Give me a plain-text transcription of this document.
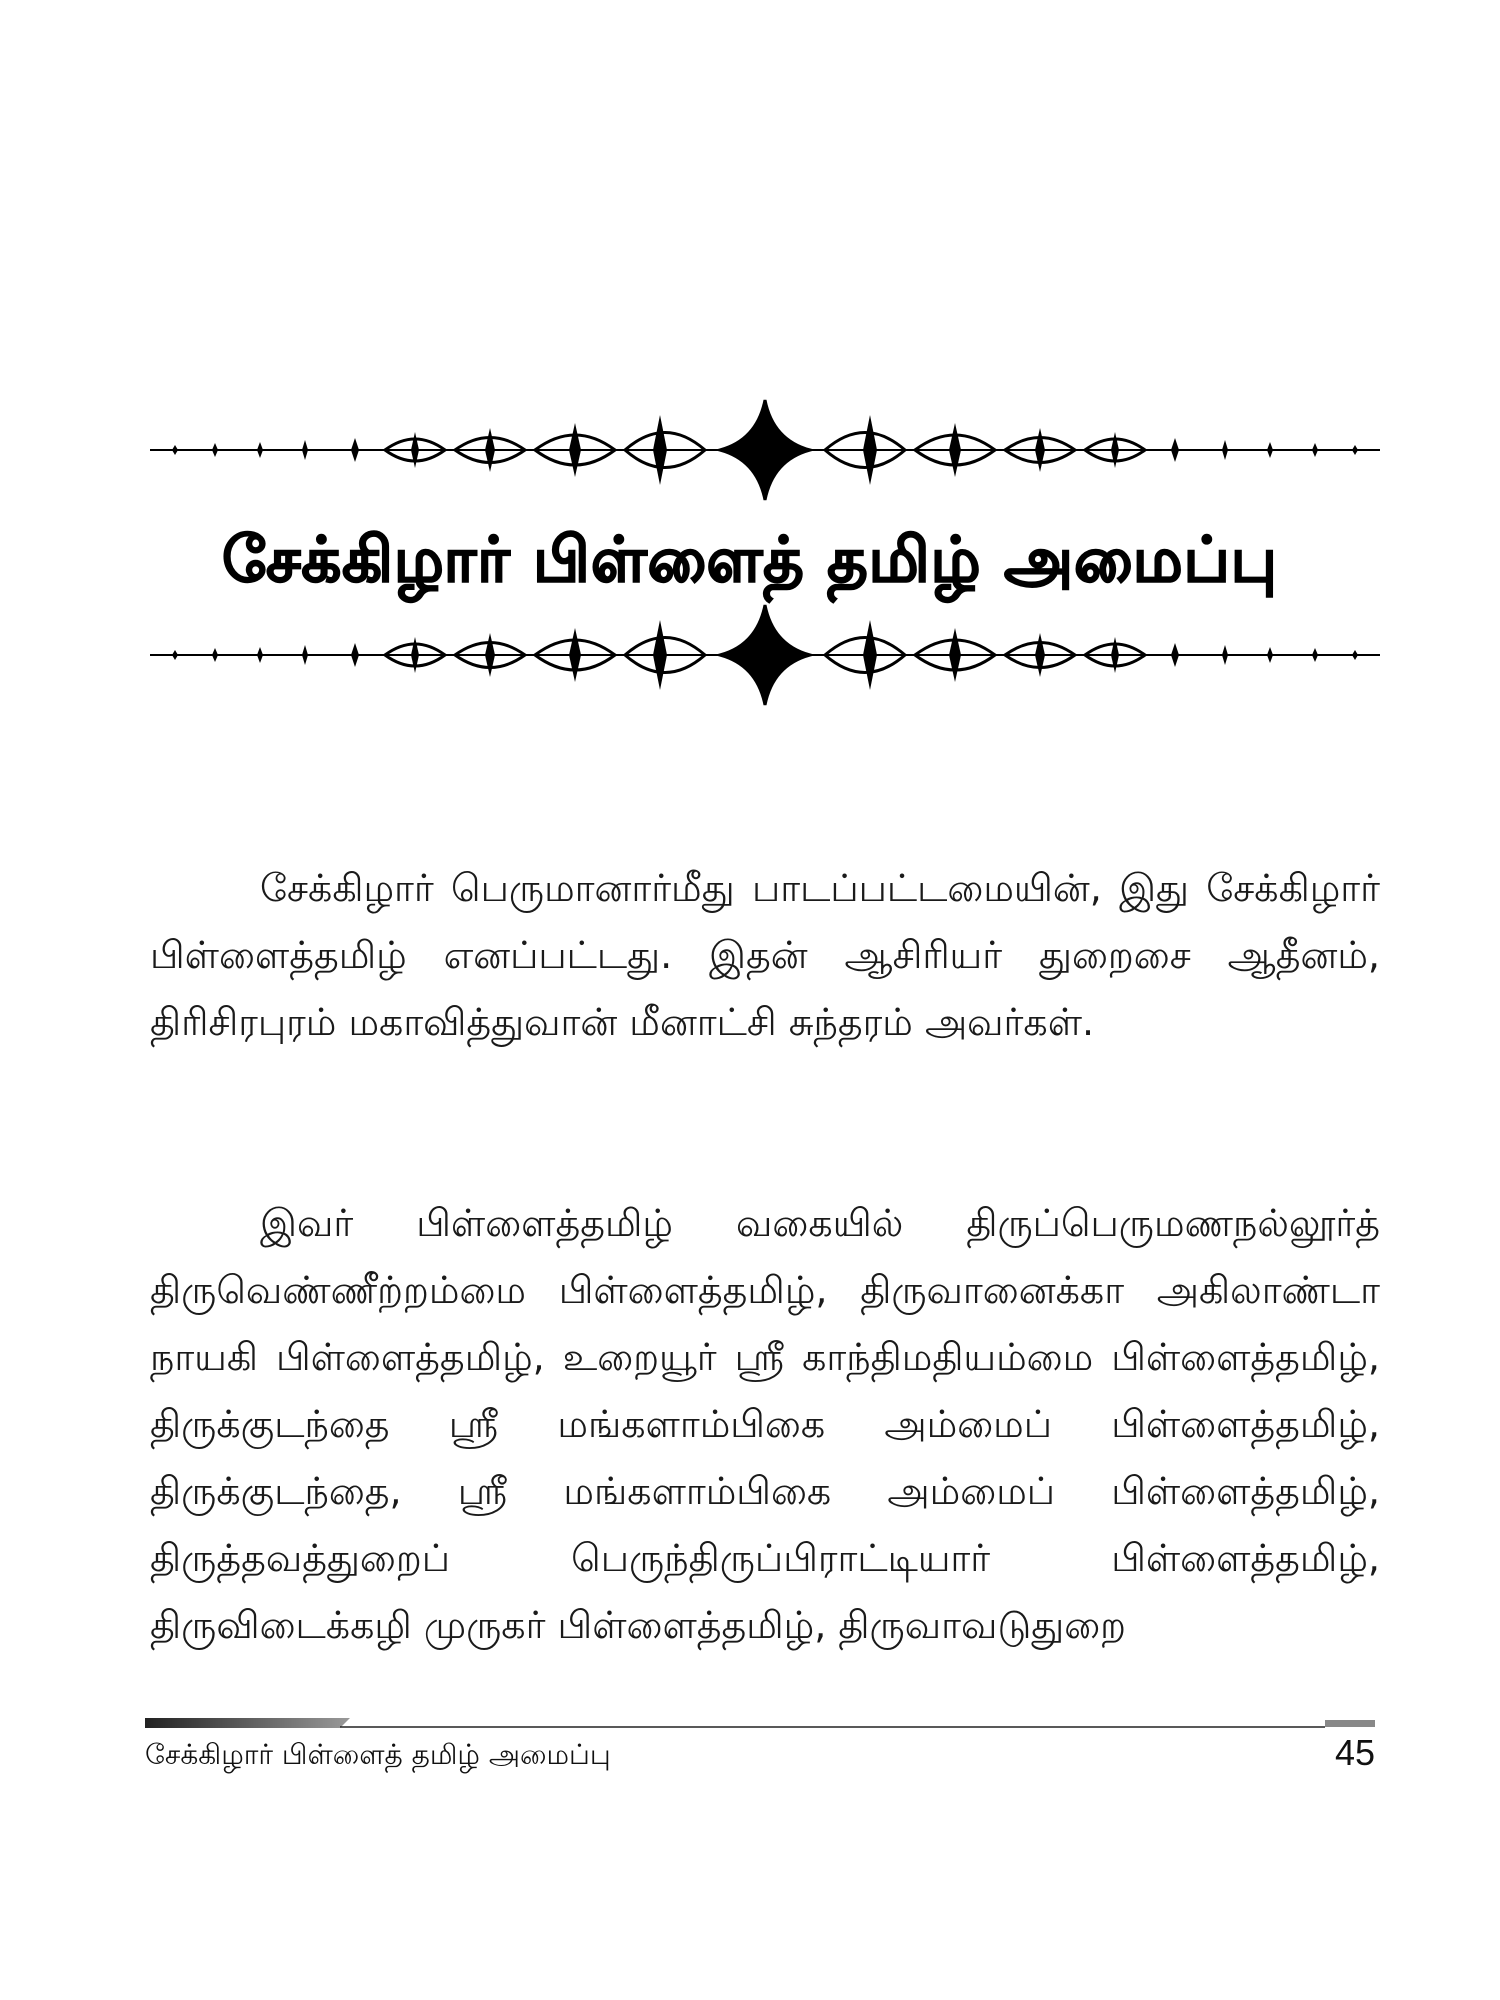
சேக்கிழார் பிள்ளைத் தமிழ் அமைப்பு

சேக்கிழார் பெருமானார்மீது பாடப்பட்டமையின், இது சேக்கிழார் பிள்ளைத்தமிழ் எனப்பட்டது. இதன் ஆசிரியர் துறைசை ஆதீனம், திரிசிரபுரம் மகாவித்துவான் மீனாட்சி சுந்தரம் அவர்கள்.

இவர் பிள்ளைத்தமிழ் வகையில் திருப்பெருமணநல்லூர்த் திருவெண்ணீற்றம்மை பிள்ளைத்தமிழ், திருவானைக்கா அகிலாண்டா நாயகி பிள்ளைத்தமிழ், உறையூர் ஸ்ரீ காந்திமதியம்மை பிள்ளைத்தமிழ், திருக்குடந்தை ஸ்ரீ மங்களாம்பிகை அம்மைப் பிள்ளைத்தமிழ், திருக்குடந்தை, ஸ்ரீ மங்களாம்பிகை அம்மைப் பிள்ளைத்தமிழ், திருத்தவத்துறைப் பெருந்திருப்பிராட்டியார் பிள்ளைத்தமிழ், திருவிடைக்கழி முருகர் பிள்ளைத்தமிழ், திருவாவடுதுறை

சேக்கிழார் பிள்ளைத் தமிழ் அமைப்பு	45
